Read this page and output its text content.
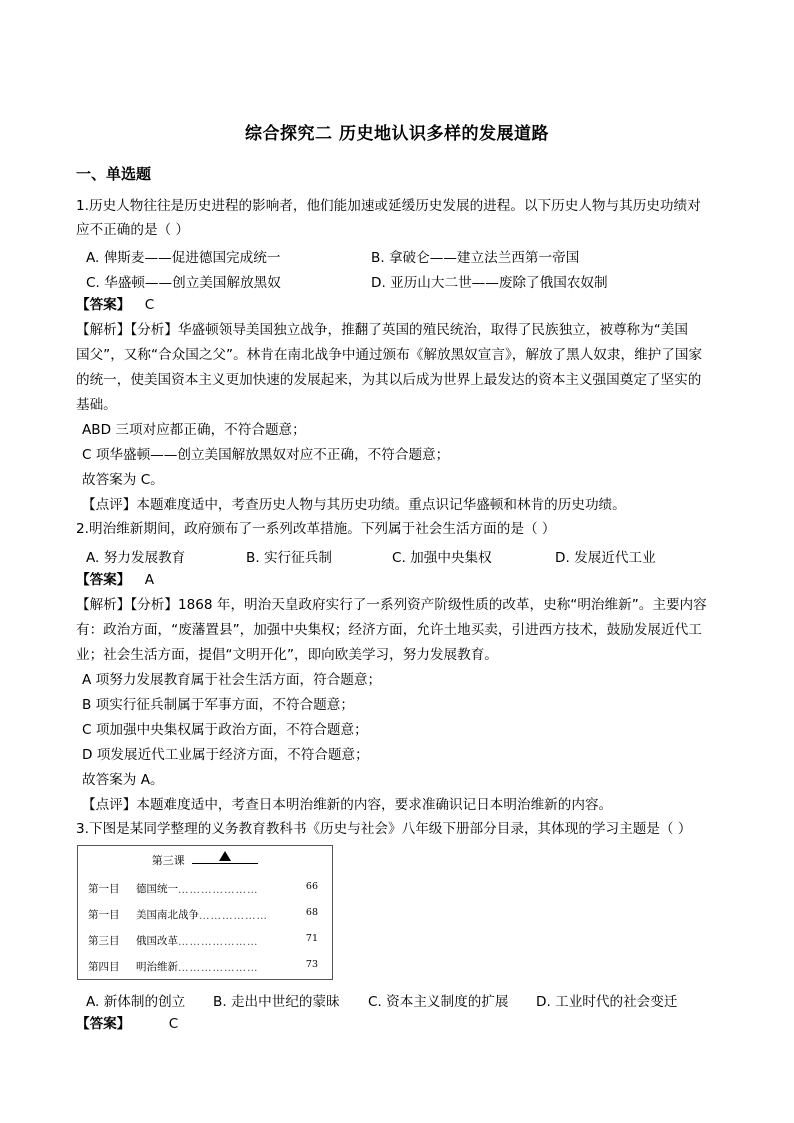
综合探究二 历史地认识多样的发展道路
一、单选题
1.历史人物往往是历史进程的影响者，他们能加速或延缓历史发展的进程。以下历史人物与其历史功绩对
应不正确的是（ ）
A. 俾斯麦——促进德国完成统一	B. 拿破仑——建立法兰西第一帝国
C. 华盛顿——创立美国解放黑奴	D. 亚历山大二世——废除了俄国农奴制
【答案】 C
【解析】【分析】华盛顿领导美国独立战争，推翻了英国的殖民统治，取得了民族独立，被尊称为“美国
国父”，又称“合众国之父”。林肯在南北战争中通过颁布《解放黑奴宣言》，解放了黑人奴隶，维护了国家
的统一，使美国资本主义更加快速的发展起来，为其以后成为世界上最发达的资本主义强国奠定了坚实的
基础。
ABD 三项对应都正确，不符合题意；
C 项华盛顿——创立美国解放黑奴对应不正确，不符合题意；
故答案为 C。
【点评】本题难度适中，考查历史人物与其历史功绩。重点识记华盛顿和林肯的历史功绩。
2.明治维新期间，政府颁布了一系列改革措施。下列属于社会生活方面的是（ ）
A. 努力发展教育	B. 实行征兵制	C. 加强中央集权	D. 发展近代工业
【答案】 A
【解析】【分析】1868 年，明治天皇政府实行了一系列资产阶级性质的改革，史称“明治维新”。主要内容
有：政治方面，“废藩置县”，加强中央集权；经济方面，允许土地买卖，引进西方技术，鼓励发展近代工
业；社会生活方面，提倡“文明开化”，即向欧美学习，努力发展教育。
A 项努力发展教育属于社会生活方面，符合题意；
B 项实行征兵制属于军事方面，不符合题意；
C 项加强中央集权属于政治方面，不符合题意；
D 项发展近代工业属于经济方面，不符合题意；
故答案为 A。
【点评】本题难度适中，考查日本明治维新的内容，要求准确识记日本明治维新的内容。
3.下图是某同学整理的义务教育教科书《历史与社会》八年级下册部分目录，其体现的学习主题是（ ）
第三课
第一目 德国统一…………………	66
第一目 美国南北战争………………	68
第三目 俄国改革…………………	71
第四目 明治维新…………………	73
A. 新体制的创立 B. 走出中世纪的蒙昧 C. 资本主义制度的扩展 D. 工业时代的社会变迁
【答案】	C
